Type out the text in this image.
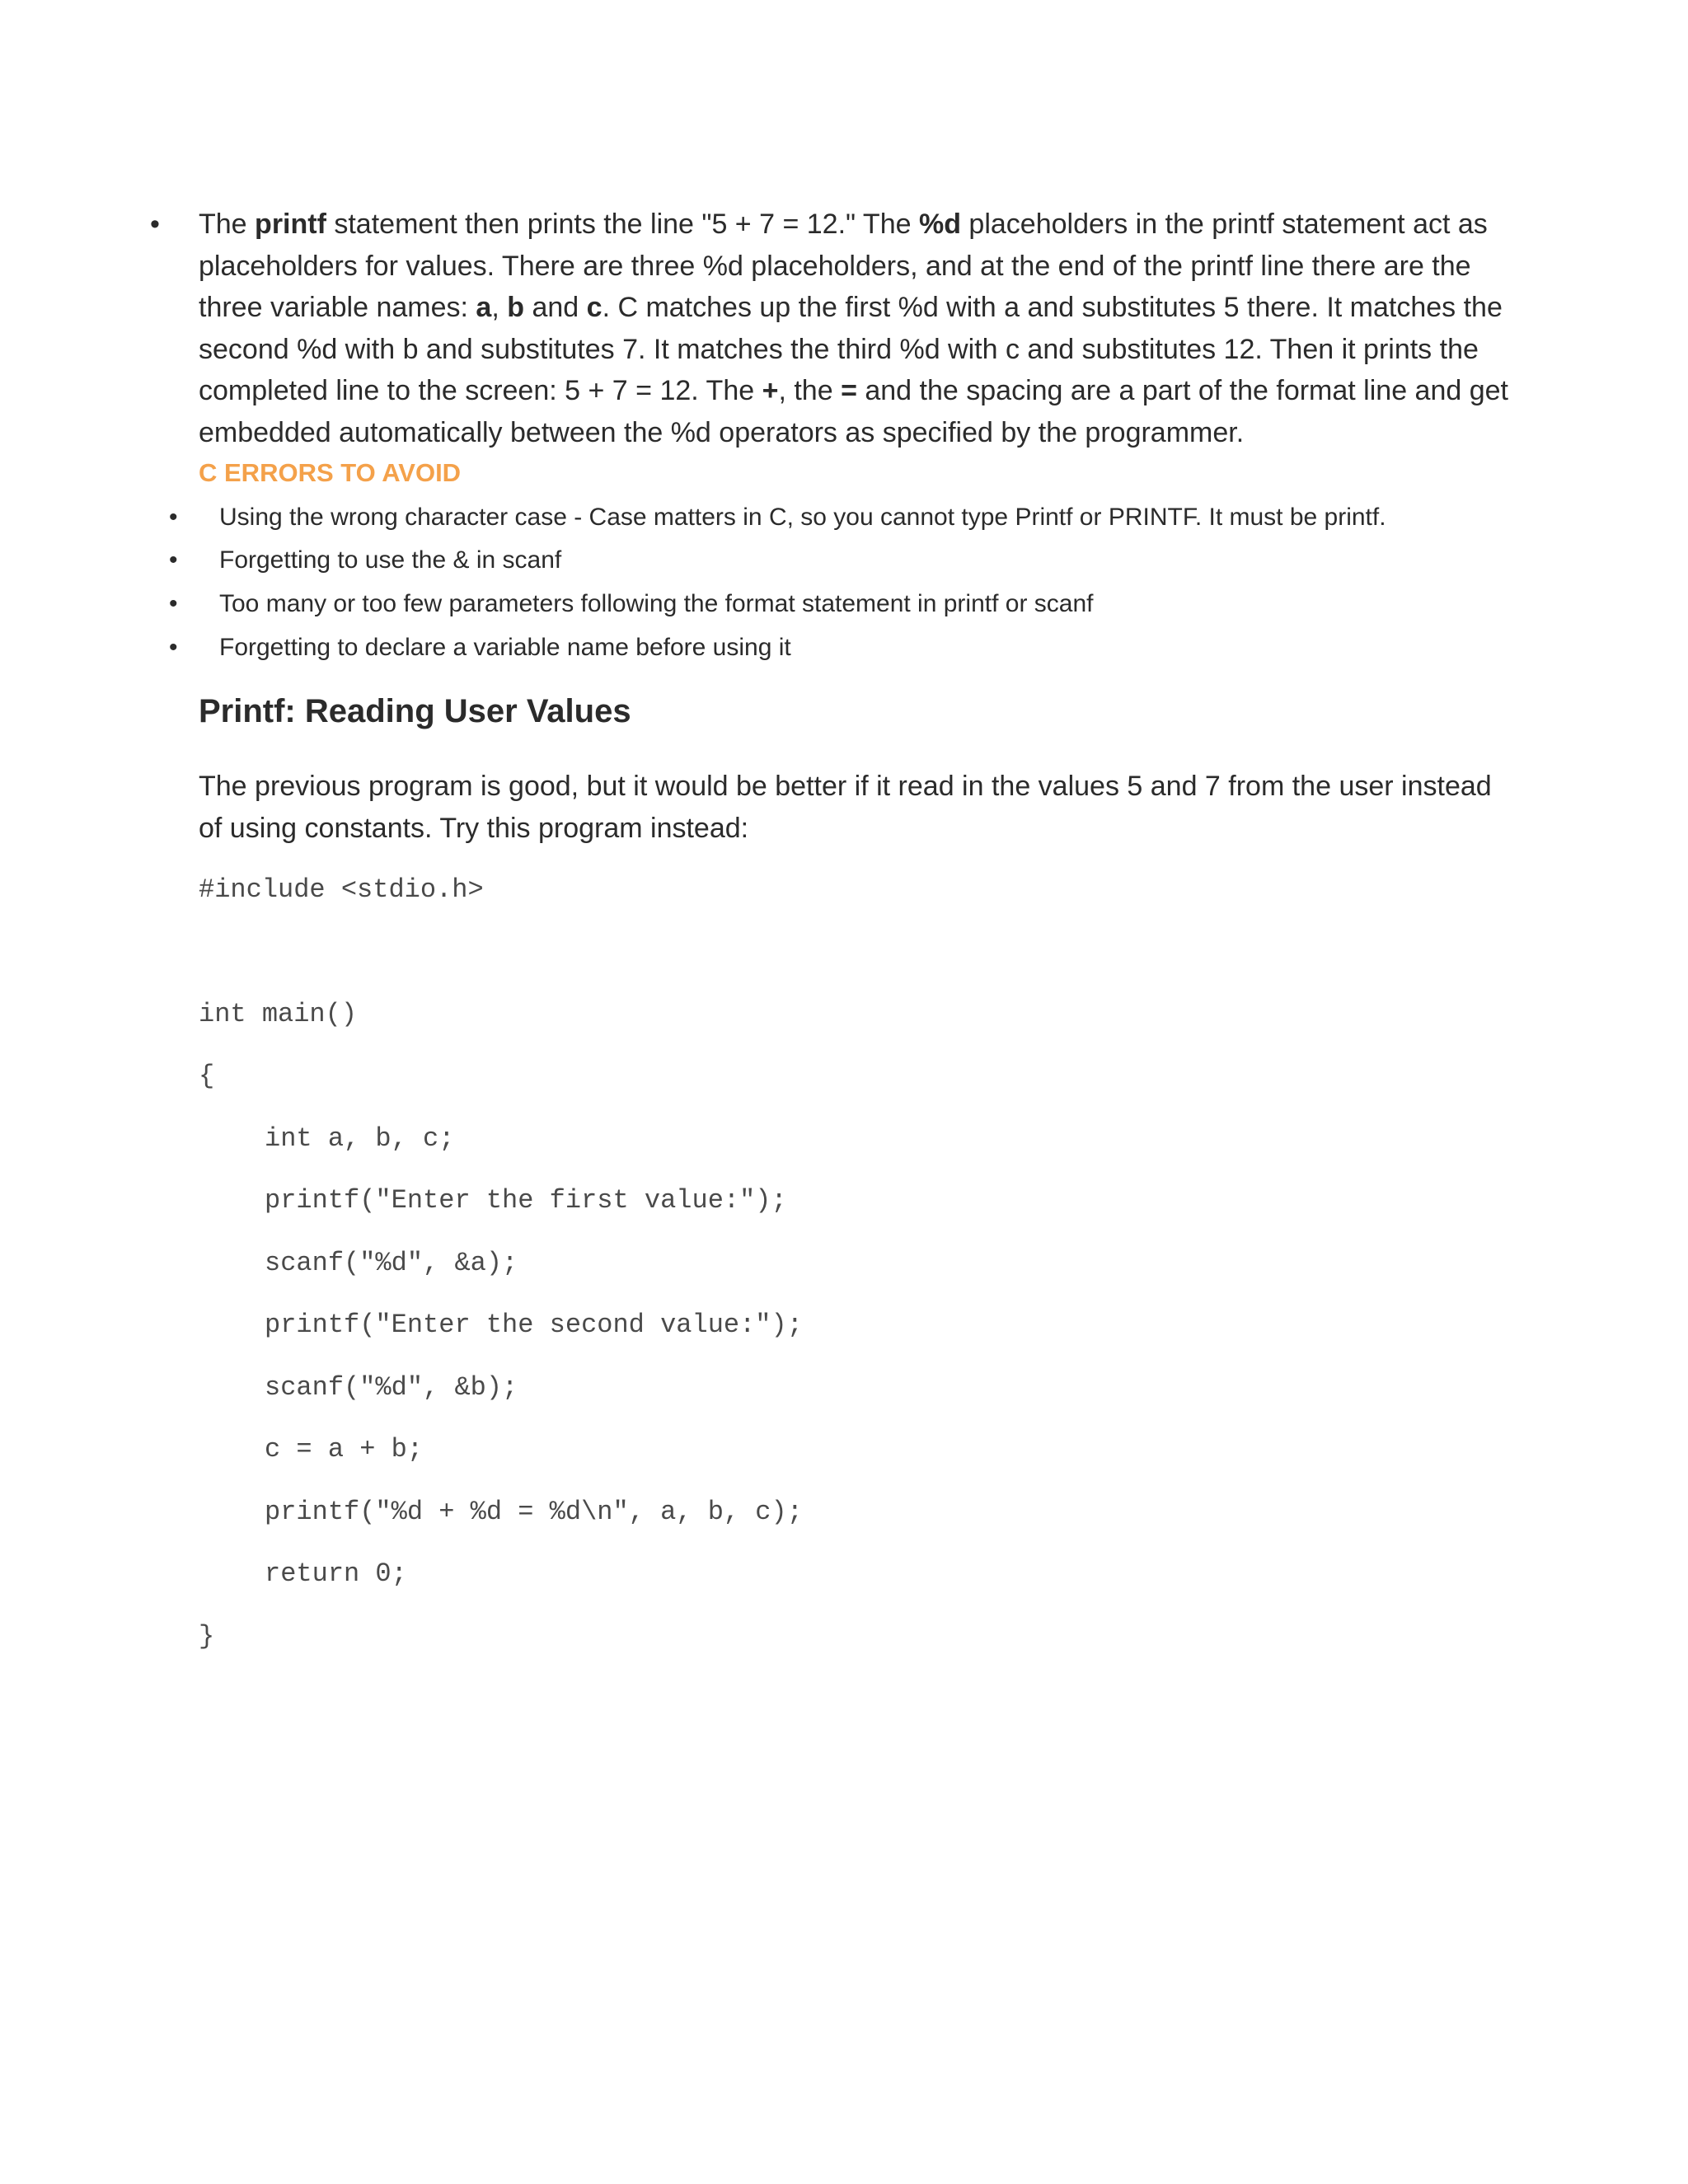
•	The printf statement then prints the line "5 + 7 = 12." The %d placeholders in the printf statement act as placeholders for values. There are three %d placeholders, and at the end of the printf line there are the three variable names: a, b and c. C matches up the first %d with a and substitutes 5 there. It matches the second %d with b and substitutes 7. It matches the third %d with c and substitutes 12. Then it prints the completed line to the screen: 5 + 7 = 12. The +, the = and the spacing are a part of the format line and get embedded automatically between the %d operators as specified by the programmer.
C ERRORS TO AVOID
• Using the wrong character case - Case matters in C, so you cannot type Printf or PRINTF. It must be printf.
• Forgetting to use the & in scanf
• Too many or too few parameters following the format statement in printf or scanf
• Forgetting to declare a variable name before using it
Printf: Reading User Values
The previous program is good, but it would be better if it read in the values 5 and 7 from the user instead of using constants. Try this program instead:
#include <stdio.h>
int main()
{
int a, b, c;
printf("Enter the first value:");
scanf("%d", &a);
printf("Enter the second value:");
scanf("%d", &b);
c = a + b;
printf("%d + %d = %d\n", a, b, c);
return 0;
}
